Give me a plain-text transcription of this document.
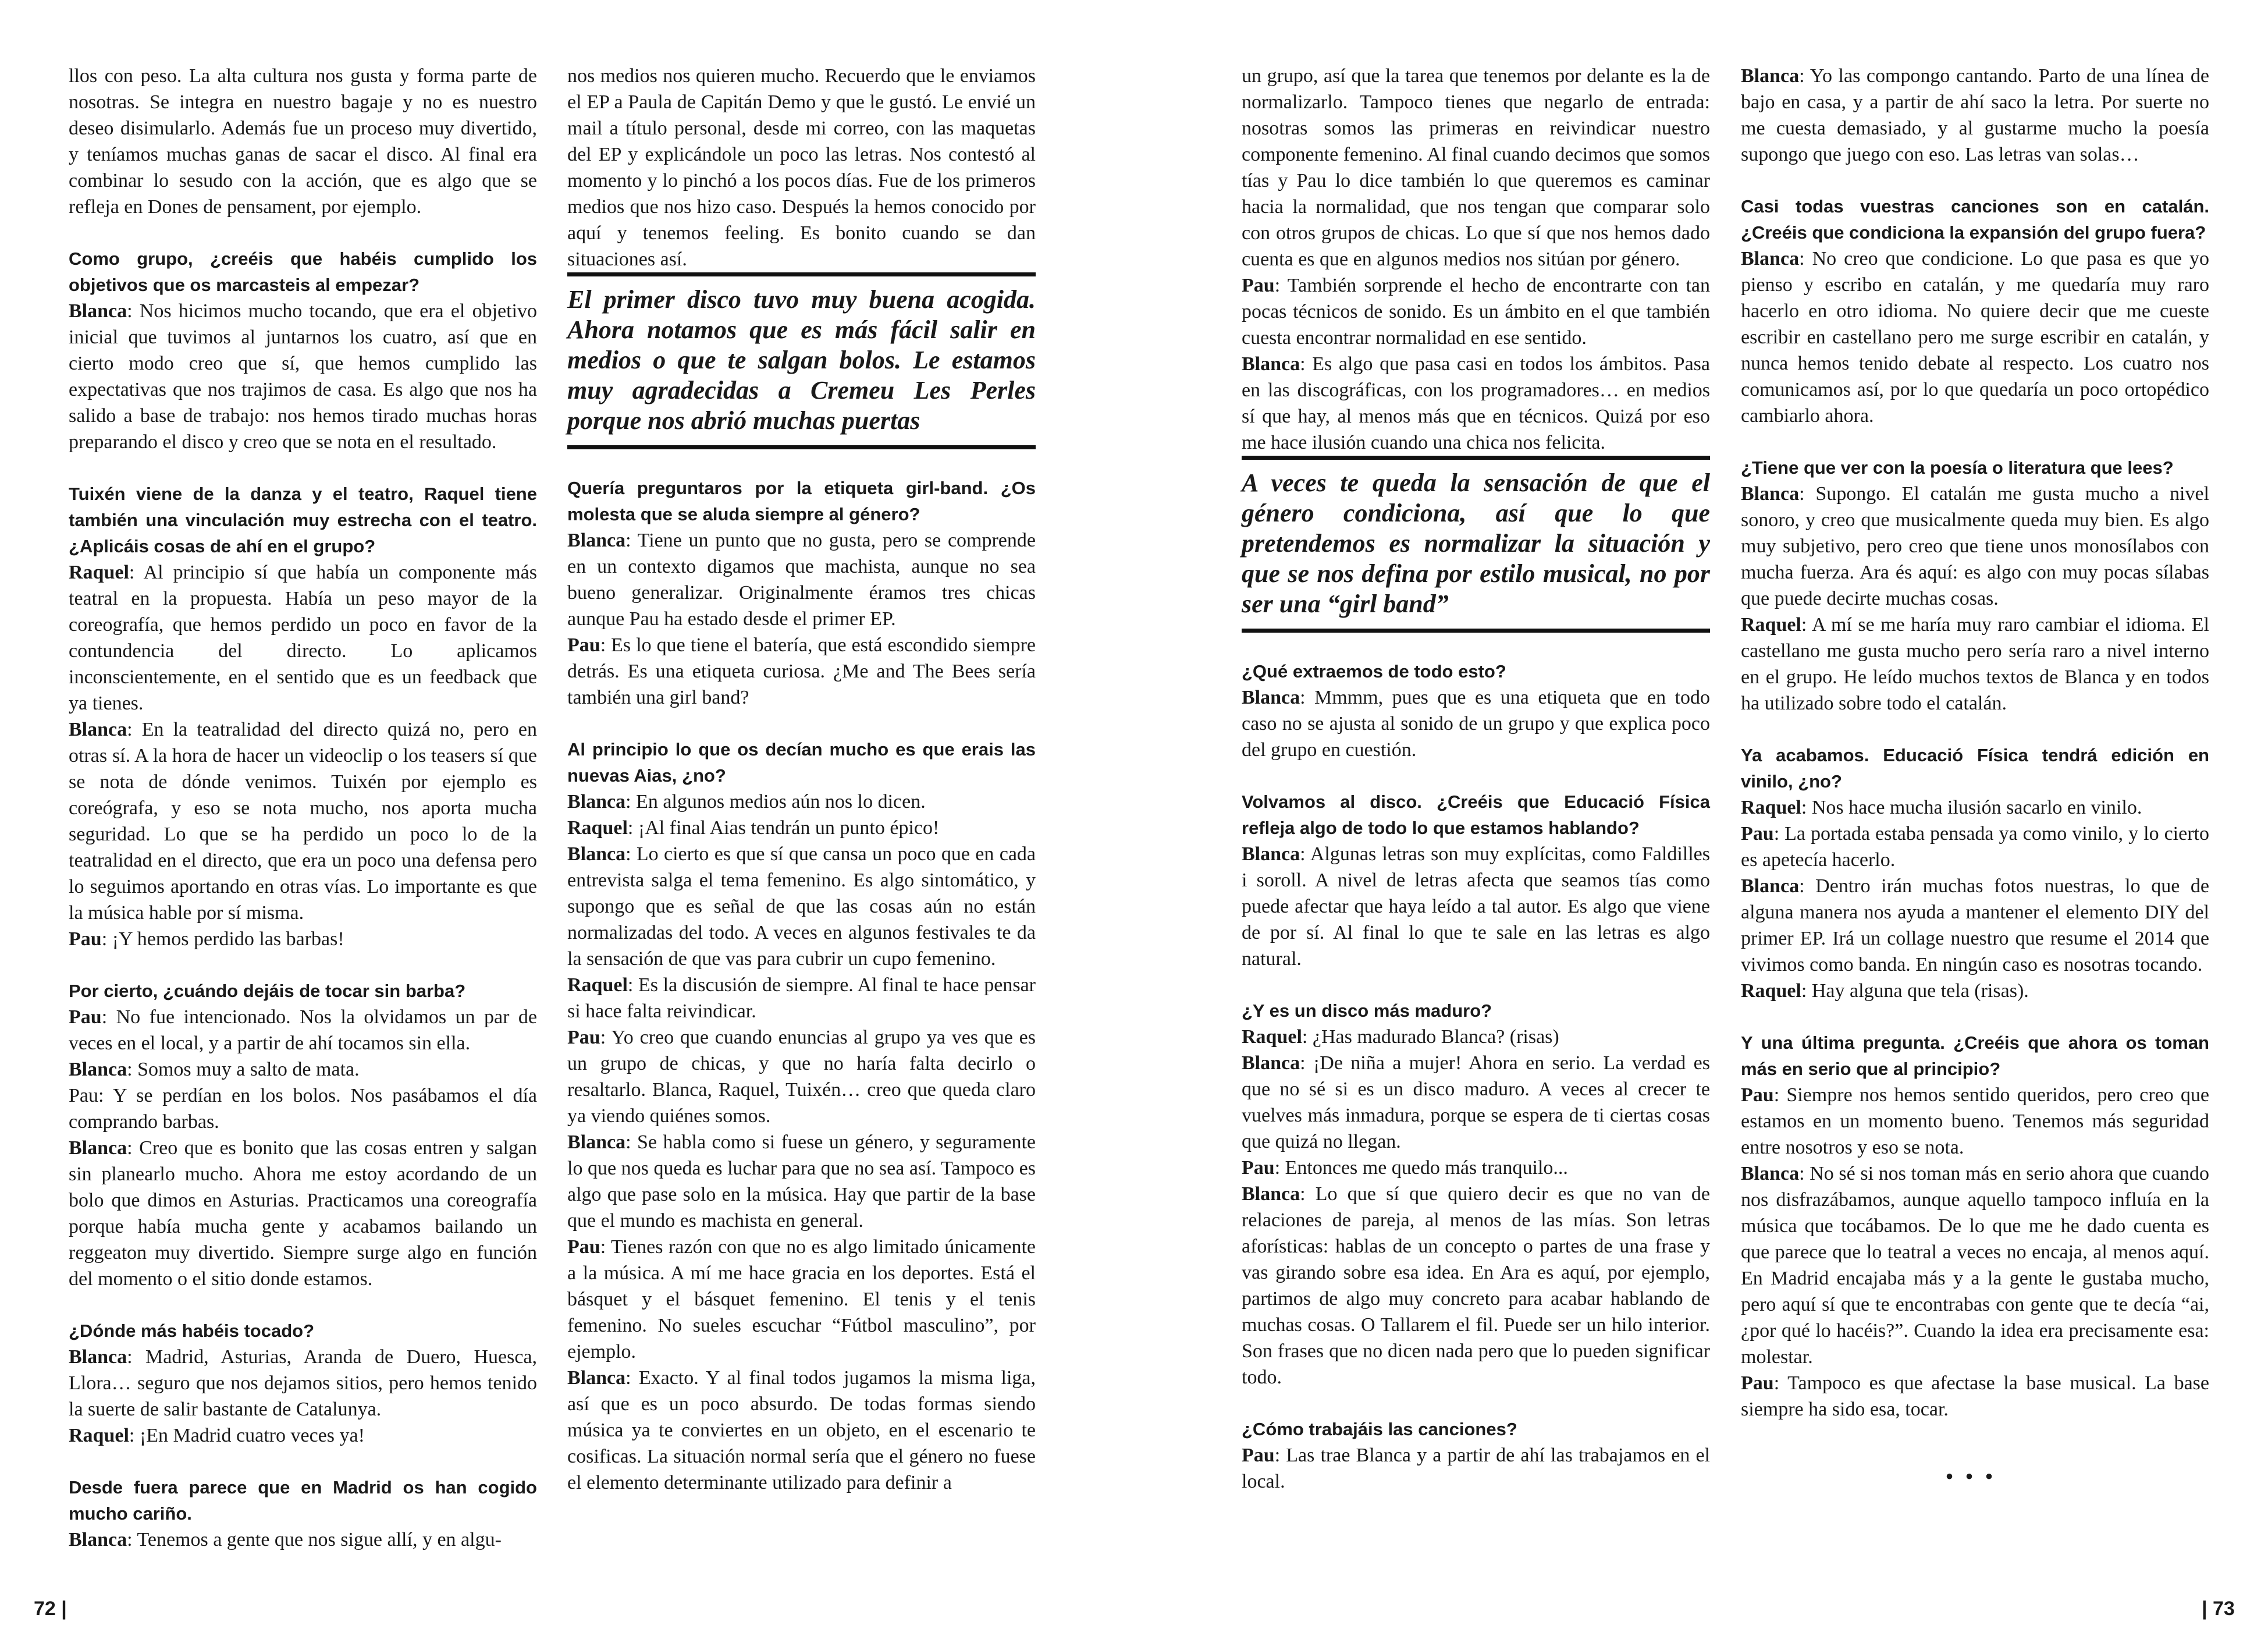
llos con peso. La alta cultura nos gusta y forma parte de nosotras. Se integra en nuestro bagaje y no es nuestro deseo disimularlo. Además fue un proceso muy divertido, y teníamos muchas ganas de sacar el disco. Al final era combinar lo sesudo con la acción, que es algo que se refleja en Dones de pensament, por ejemplo.

Como grupo, ¿creéis que habéis cumplido los objetivos que os marcasteis al empezar?

Blanca: Nos hicimos mucho tocando, que era el objetivo inicial que tuvimos al juntarnos los cuatro, así que en cierto modo creo que sí, que hemos cumplido las expectativas que nos trajimos de casa. Es algo que nos ha salido a base de trabajo: nos hemos tirado muchas horas preparando el disco y creo que se nota en el resultado.

Tuixén viene de la danza y el teatro, Raquel tiene también una vinculación muy estrecha con el teatro. ¿Aplicáis cosas de ahí en el grupo?

Raquel: Al principio sí que había un componente más teatral en la propuesta. Había un peso mayor de la coreografía, que hemos perdido un poco en favor de la contundencia del directo. Lo aplicamos inconscientemente, en el sentido que es un feedback que ya tienes.

Blanca: En la teatralidad del directo quizá no, pero en otras sí. A la hora de hacer un videoclip o los teasers sí que se nota de dónde venimos. Tuixén por ejemplo es coreógrafa, y eso se nota mucho, nos aporta mucha seguridad. Lo que se ha perdido un poco lo de la teatralidad en el directo, que era un poco una defensa pero lo seguimos aportando en otras vías. Lo importante es que la música hable por sí misma.

Pau: ¡Y hemos perdido las barbas!

Por cierto, ¿cuándo dejáis de tocar sin barba?

Pau: No fue intencionado. Nos la olvidamos un par de veces en el local, y a partir de ahí tocamos sin ella.

Blanca: Somos muy a salto de mata.

Pau: Y se perdían en los bolos. Nos pasábamos el día comprando barbas.

Blanca: Creo que es bonito que las cosas entren y salgan sin planearlo mucho. Ahora me estoy acordando de un bolo que dimos en Asturias. Practicamos una coreografía porque había mucha gente y acabamos bailando un reggeaton muy divertido. Siempre surge algo en función del momento o el sitio donde estamos.

¿Dónde más habéis tocado?

Blanca: Madrid, Asturias, Aranda de Duero, Huesca, Llora… seguro que nos dejamos sitios, pero hemos tenido la suerte de salir bastante de Catalunya.

Raquel: ¡En Madrid cuatro veces ya!

Desde fuera parece que en Madrid os han cogido mucho cariño.

Blanca: Tenemos a gente que nos sigue allí, y en algu-

nos medios nos quieren mucho. Recuerdo que le enviamos el EP a Paula de Capitán Demo y que le gustó. Le envié un mail a título personal, desde mi correo, con las maquetas del EP y explicándole un poco las letras. Nos contestó al momento y lo pinchó a los pocos días. Fue de los primeros medios que nos hizo caso. Después la hemos conocido por aquí y tenemos feeling. Es bonito cuando se dan situaciones así.

El primer disco tuvo muy buena acogida. Ahora notamos que es más fácil salir en medios o que te salgan bolos. Le estamos muy agradecidas a Cremeu Les Perles porque nos abrió muchas puertas

Quería preguntaros por la etiqueta girl-band. ¿Os molesta que se aluda siempre al género?

Blanca: Tiene un punto que no gusta, pero se comprende en un contexto digamos que machista, aunque no sea bueno generalizar. Originalmente éramos tres chicas aunque Pau ha estado desde el primer EP.

Pau: Es lo que tiene el batería, que está escondido siempre detrás. Es una etiqueta curiosa. ¿Me and The Bees sería también una girl band?

Al principio lo que os decían mucho es que erais las nuevas Aias, ¿no?

Blanca: En algunos medios aún nos lo dicen.

Raquel: ¡Al final Aias tendrán un punto épico!

Blanca: Lo cierto es que sí que cansa un poco que en cada entrevista salga el tema femenino. Es algo sintomático, y supongo que es señal de que las cosas aún no están normalizadas del todo. A veces en algunos festivales te da la sensación de que vas para cubrir un cupo femenino.

Raquel: Es la discusión de siempre. Al final te hace pensar si hace falta reivindicar.

Pau: Yo creo que cuando enuncias al grupo ya ves que es un grupo de chicas, y que no haría falta decirlo o resaltarlo. Blanca, Raquel, Tuixén… creo que queda claro ya viendo quiénes somos.

Blanca: Se habla como si fuese un género, y seguramente lo que nos queda es luchar para que no sea así. Tampoco es algo que pase solo en la música. Hay que partir de la base que el mundo es machista en general.

Pau: Tienes razón con que no es algo limitado únicamente a la música. A mí me hace gracia en los deportes. Está el básquet y el básquet femenino. El tenis y el tenis femenino. No sueles escuchar “Fútbol masculino”, por ejemplo.

Blanca: Exacto. Y al final todos jugamos la misma liga, así que es un poco absurdo. De todas formas siendo música ya te conviertes en un objeto, en el escenario te cosificas. La situación normal sería que el género no fuese el elemento determinante utilizado para definir a

72 |

un grupo, así que la tarea que tenemos por delante es la de normalizarlo. Tampoco tienes que negarlo de entrada: nosotras somos las primeras en reivindicar nuestro componente femenino. Al final cuando decimos que somos tías y Pau lo dice también lo que queremos es caminar hacia la normalidad, que nos tengan que comparar solo con otros grupos de chicas. Lo que sí que nos hemos dado cuenta es que en algunos medios nos sitúan por género.

Pau: También sorprende el hecho de encontrarte con tan pocas técnicos de sonido. Es un ámbito en el que también cuesta encontrar normalidad en ese sentido.

Blanca: Es algo que pasa casi en todos los ámbitos. Pasa en las discográficas, con los programadores… en medios sí que hay, al menos más que en técnicos. Quizá por eso me hace ilusión cuando una chica nos felicita.

A veces te queda la sensación de que el género condiciona, así que lo que pretendemos es normalizar la situación y que se nos defina por estilo musical, no por ser una “girl band”

¿Qué extraemos de todo esto?

Blanca: Mmmm, pues que es una etiqueta que en todo caso no se ajusta al sonido de un grupo y que explica poco del grupo en cuestión.

Volvamos al disco. ¿Creéis que Educació Física refleja algo de todo lo que estamos hablando?

Blanca: Algunas letras son muy explícitas, como Faldilles i soroll. A nivel de letras afecta que seamos tías como puede afectar que haya leído a tal autor. Es algo que viene de por sí. Al final lo que te sale en las letras es algo natural.

¿Y es un disco más maduro?

Raquel: ¿Has madurado Blanca? (risas)

Blanca: ¡De niña a mujer! Ahora en serio. La verdad es que no sé si es un disco maduro. A veces al crecer te vuelves más inmadura, porque se espera de ti ciertas cosas que quizá no llegan.

Pau: Entonces me quedo más tranquilo...

Blanca: Lo que sí que quiero decir es que no van de relaciones de pareja, al menos de las mías. Son letras aforísticas: hablas de un concepto o partes de una frase y vas girando sobre esa idea. En Ara es aquí, por ejemplo, partimos de algo muy concreto para acabar hablando de muchas cosas. O Tallarem el fil. Puede ser un hilo interior. Son frases que no dicen nada pero que lo pueden significar todo.

¿Cómo trabajáis las canciones?

Pau: Las trae Blanca y a partir de ahí las trabajamos en el local.

Blanca: Yo las compongo cantando. Parto de una línea de bajo en casa, y a partir de ahí saco la letra. Por suerte no me cuesta demasiado, y al gustarme mucho la poesía supongo que juego con eso. Las letras van solas…

Casi todas vuestras canciones son en catalán. ¿Creéis que condiciona la expansión del grupo fuera?

Blanca: No creo que condicione. Lo que pasa es que yo pienso y escribo en catalán, y me quedaría muy raro hacerlo en otro idioma. No quiere decir que me cueste escribir en castellano pero me surge escribir en catalán, y nunca hemos tenido debate al respecto. Los cuatro nos comunicamos así, por lo que quedaría un poco ortopédico cambiarlo ahora.

¿Tiene que ver con la poesía o literatura que lees?

Blanca: Supongo. El catalán me gusta mucho a nivel sonoro, y creo que musicalmente queda muy bien. Es algo muy subjetivo, pero creo que tiene unos monosílabos con mucha fuerza. Ara és aquí: es algo con muy pocas sílabas que puede decirte muchas cosas.

Raquel: A mí se me haría muy raro cambiar el idioma. El castellano me gusta mucho pero sería raro a nivel interno en el grupo. He leído muchos textos de Blanca y en todos ha utilizado sobre todo el catalán.

Ya acabamos. Educació Física tendrá edición en vinilo, ¿no?

Raquel: Nos hace mucha ilusión sacarlo en vinilo.

Pau: La portada estaba pensada ya como vinilo, y lo cierto es apetecía hacerlo.

Blanca: Dentro irán muchas fotos nuestras, lo que de alguna manera nos ayuda a mantener el elemento DIY del primer EP. Irá un collage nuestro que resume el 2014 que vivimos como banda. En ningún caso es nosotras tocando.

Raquel: Hay alguna que tela (risas).

Y una última pregunta. ¿Creéis que ahora os toman más en serio que al principio?

Pau: Siempre nos hemos sentido queridos, pero creo que estamos en un momento bueno. Tenemos más seguridad entre nosotros y eso se nota.

Blanca: No sé si nos toman más en serio ahora que cuando nos disfrazábamos, aunque aquello tampoco influía en la música que tocábamos. De lo que me he dado cuenta es que parece que lo teatral a veces no encaja, al menos aquí. En Madrid encajaba más y a la gente le gustaba mucho, pero aquí sí que te encontrabas con gente que te decía “ai, ¿por qué lo hacéis?”. Cuando la idea era precisamente esa: molestar.

Pau: Tampoco es que afectase la base musical. La base siempre ha sido esa, tocar.

•••
| 73
